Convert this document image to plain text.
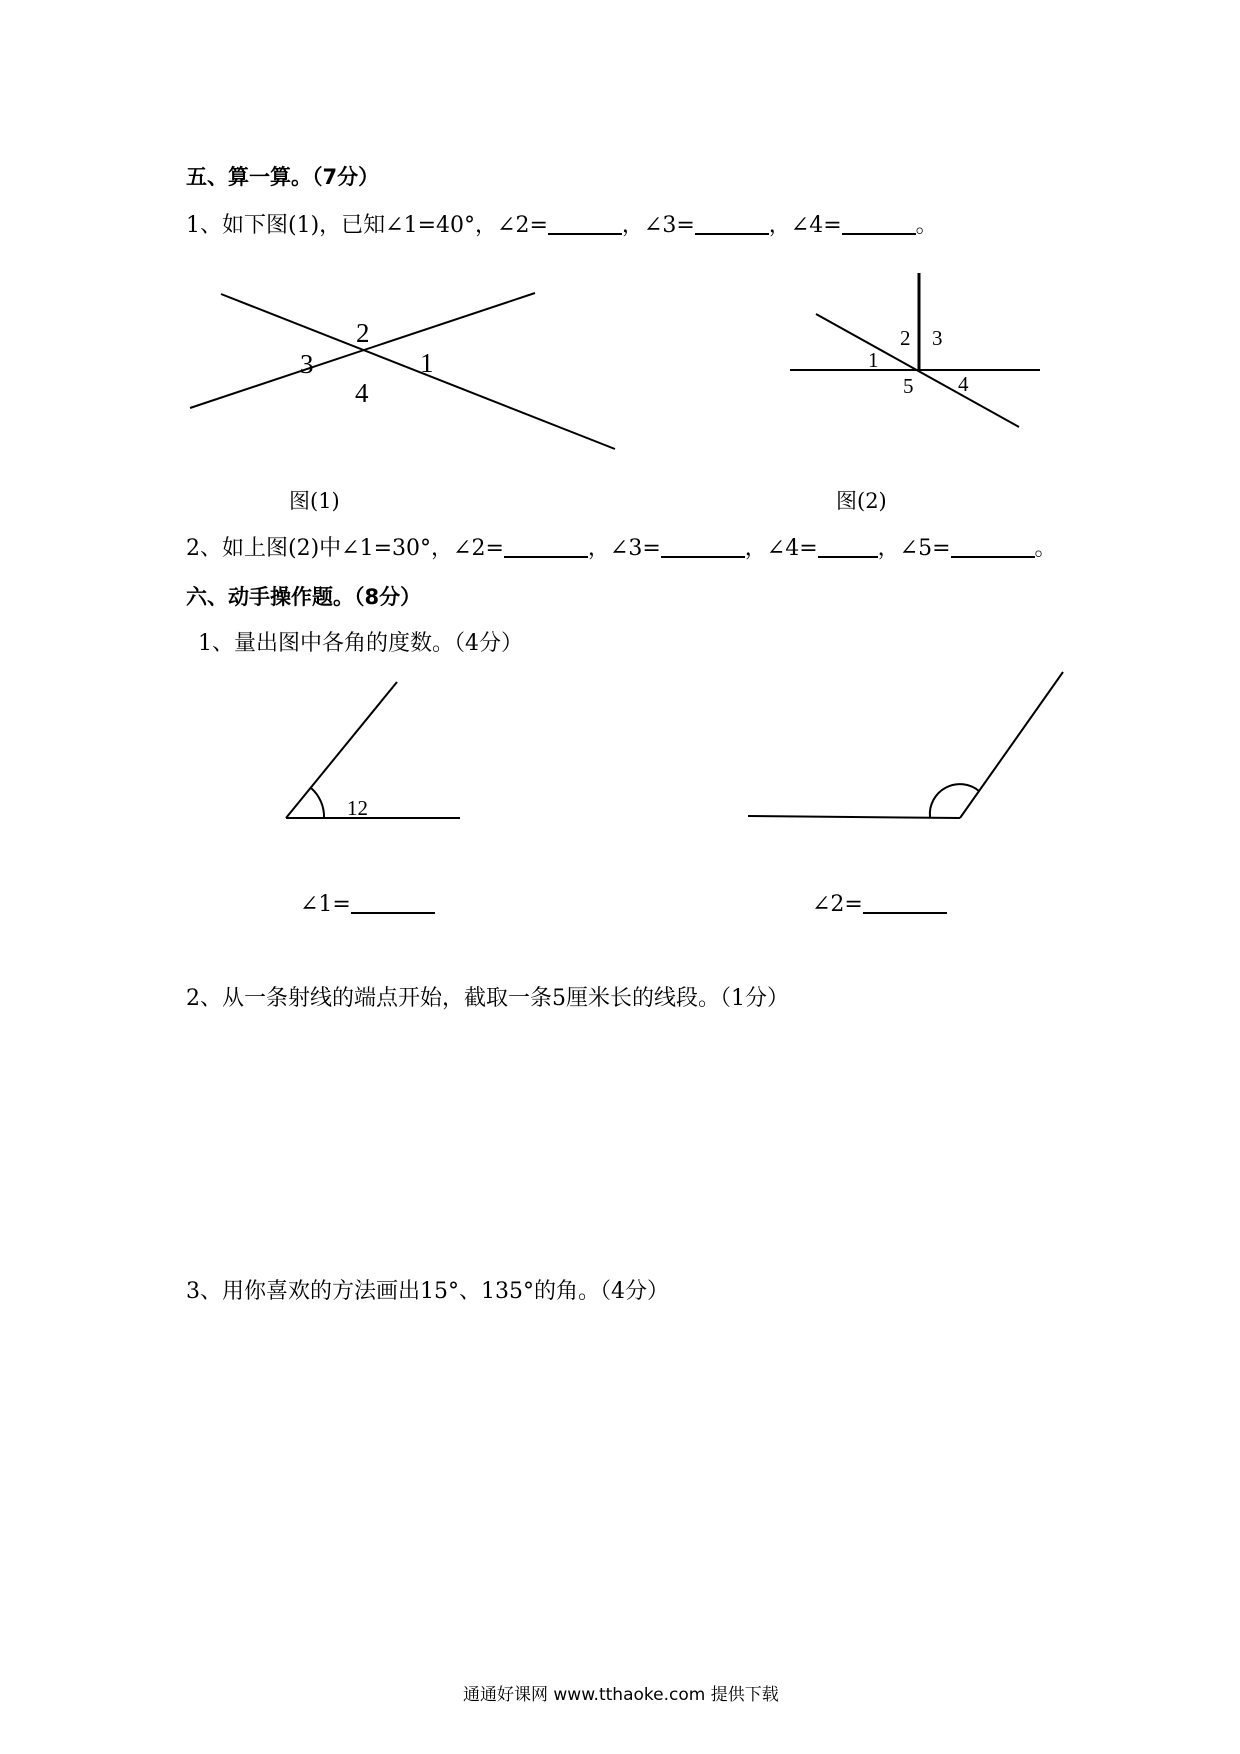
五、算一算。（7分）
1、如下图(1)，已知∠1=40°，∠2=	，∠3=	，∠4=	。
2
3	1
4
2 3
1
5 4
12
图(1)	图(2)
2、如上图(2)中∠1=30°，∠2=	，∠3=	，∠4=	，∠5=	。
六、动手操作题。（8分）
1、量出图中各角的度数。（4分）
∠1=	∠2=
2、从一条射线的端点开始，截取一条5厘米长的线段。（1分）
3、用你喜欢的方法画出15°、135°的角。（4分）
通通好课网 www.tthaoke.com 提供下载
